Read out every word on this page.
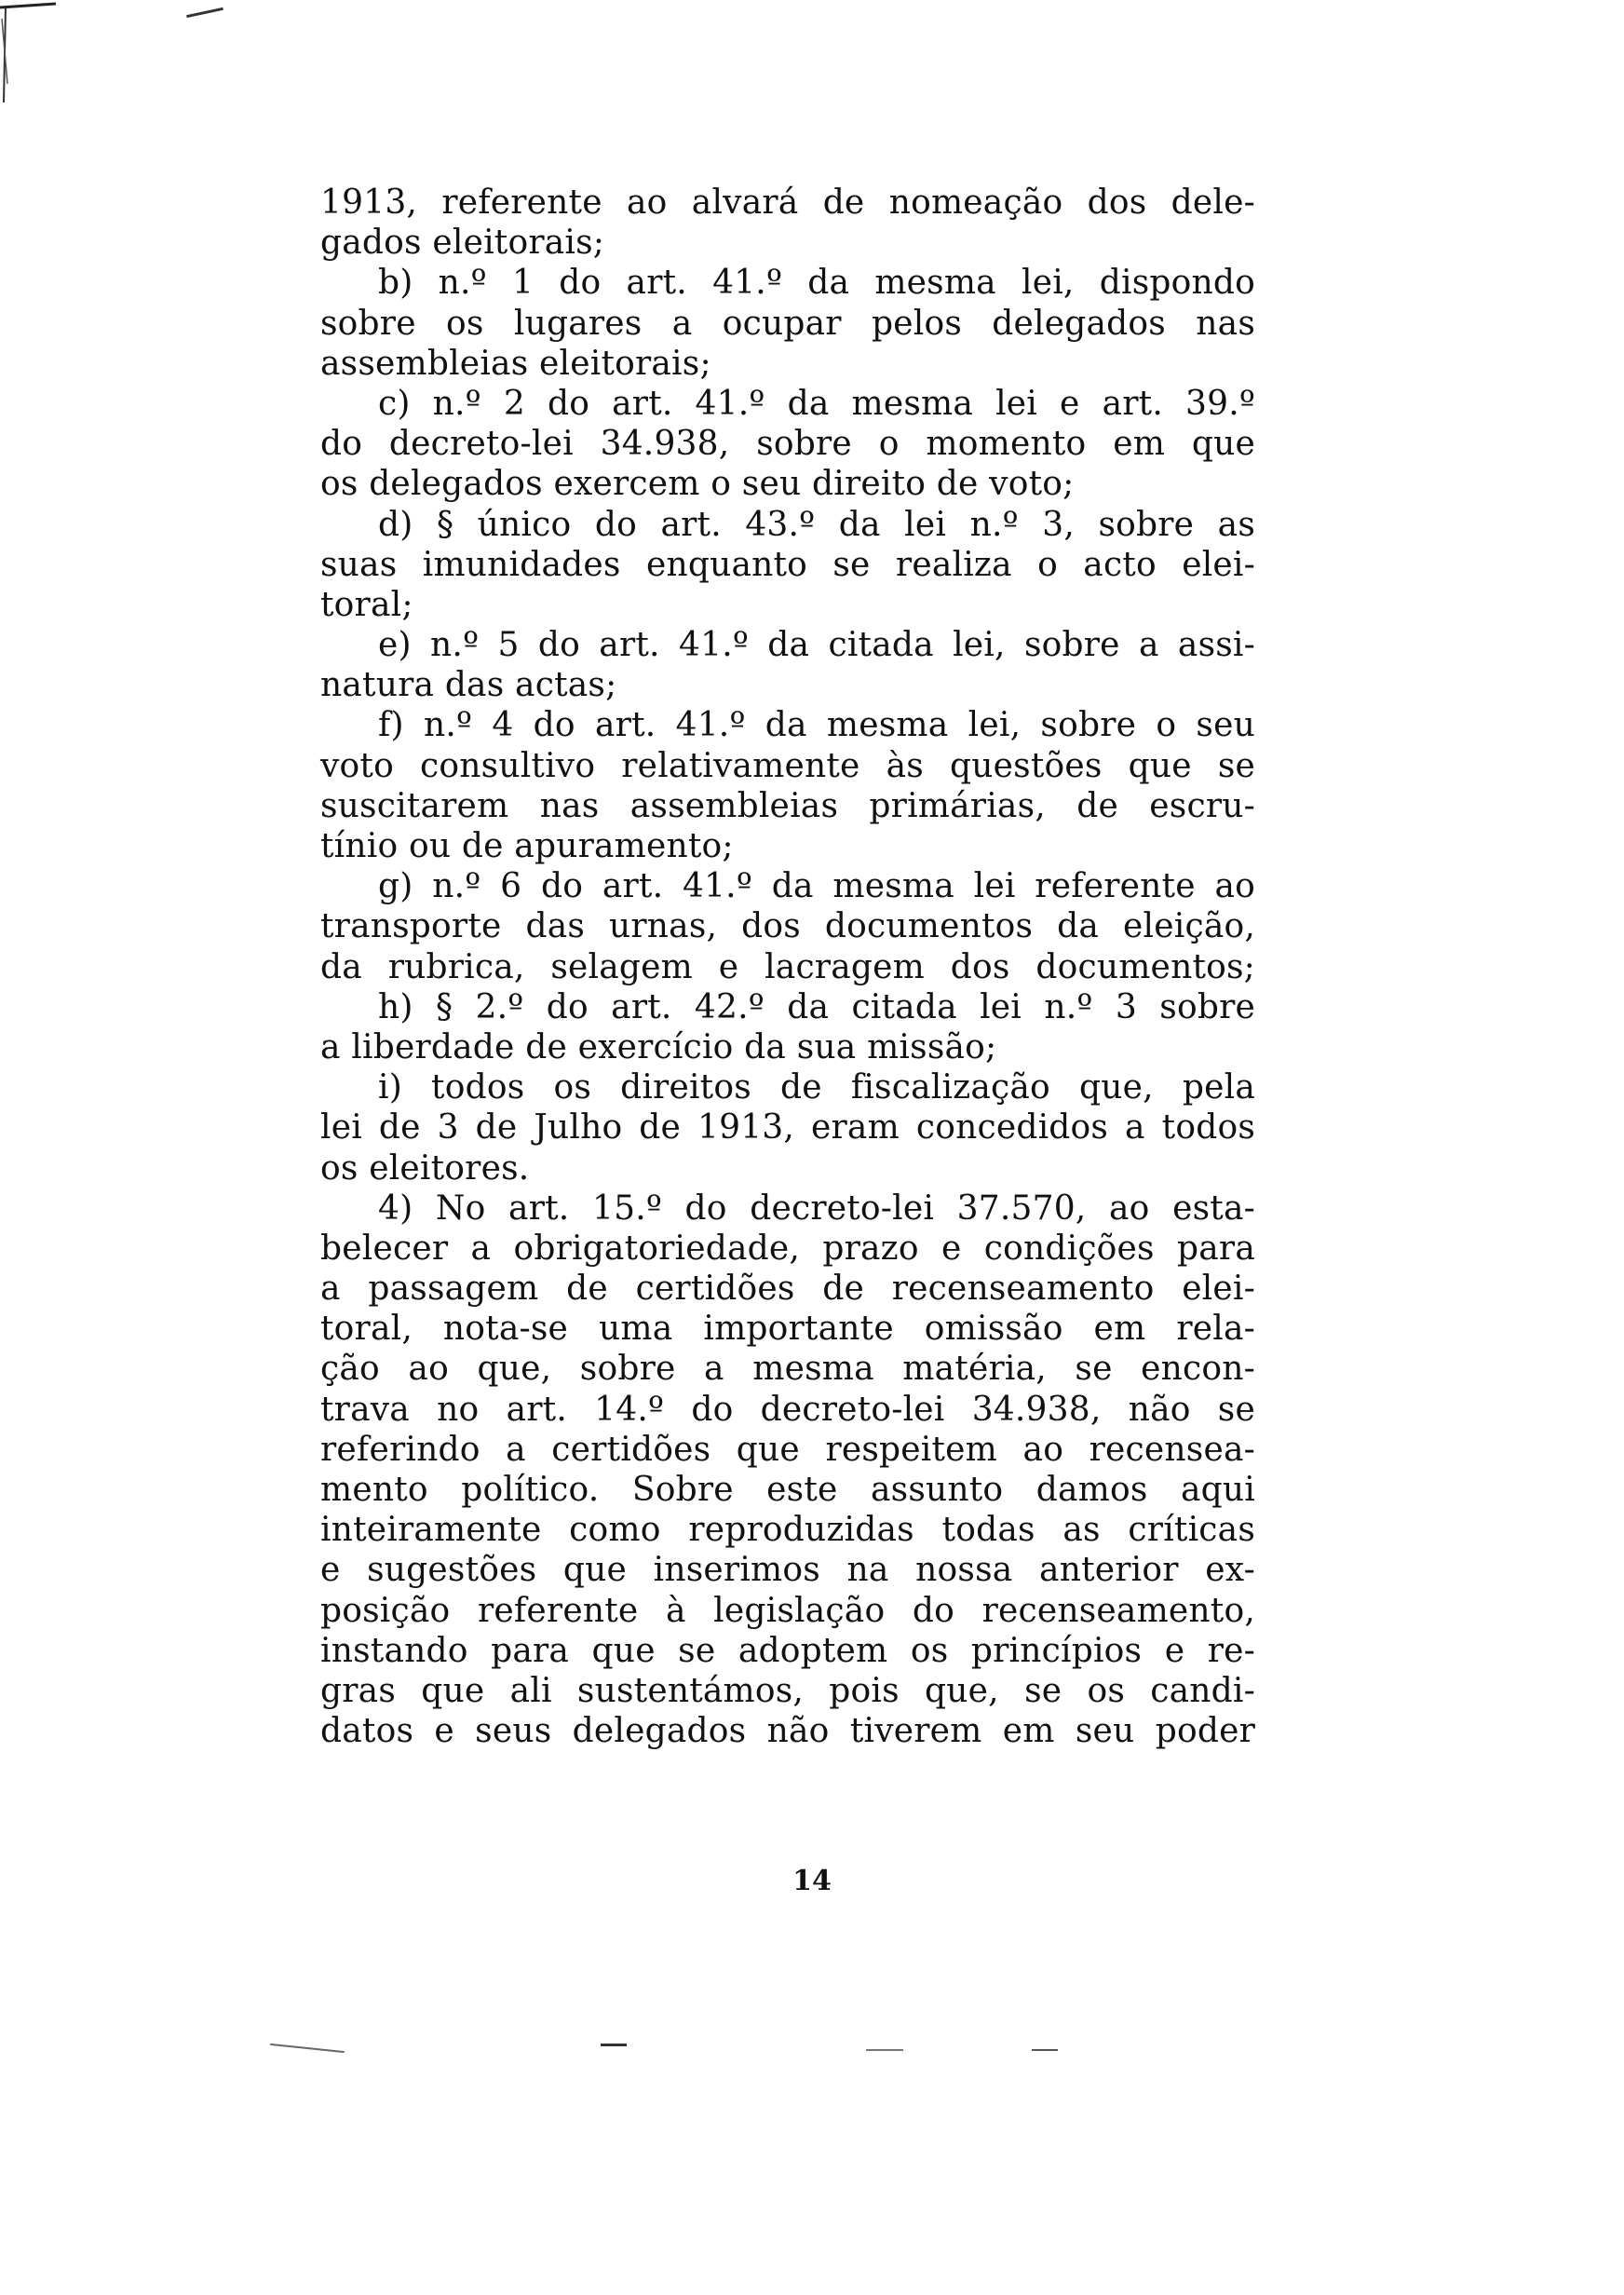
1913, referente ao alvará de nomeação dos dele-
gados eleitorais;
b) n.º 1 do art. 41.º da mesma lei, dispondo
sobre os lugares a ocupar pelos delegados nas
assembleias eleitorais;
c) n.º 2 do art. 41.º da mesma lei e art. 39.º
do decreto-lei 34.938, sobre o momento em que
os delegados exercem o seu direito de voto;
d) § único do art. 43.º da lei n.º 3, sobre as
suas imunidades enquanto se realiza o acto elei-
toral;
e) n.º 5 do art. 41.º da citada lei, sobre a assi-
natura das actas;
f) n.º 4 do art. 41.º da mesma lei, sobre o seu
voto consultivo relativamente às questões que se
suscitarem nas assembleias primárias, de escru-
tínio ou de apuramento;
g) n.º 6 do art. 41.º da mesma lei referente ao
transporte das urnas, dos documentos da eleição,
da rubrica, selagem e lacragem dos documentos;
h) § 2.º do art. 42.º da citada lei n.º 3 sobre
a liberdade de exercício da sua missão;
i) todos os direitos de fiscalização que, pela
lei de 3 de Julho de 1913, eram concedidos a todos
os eleitores.
4) No art. 15.º do decreto-lei 37.570, ao esta-
belecer a obrigatoriedade, prazo e condições para
a passagem de certidões de recenseamento elei-
toral, nota-se uma importante omissão em rela-
ção ao que, sobre a mesma matéria, se encon-
trava no art. 14.º do decreto-lei 34.938, não se
referindo a certidões que respeitem ao recensea-
mento político. Sobre este assunto damos aqui
inteiramente como reproduzidas todas as críticas
e sugestões que inserimos na nossa anterior ex-
posição referente à legislação do recenseamento,
instando para que se adoptem os princípios e re-
gras que ali sustentámos, pois que, se os candi-
datos e seus delegados não tiverem em seu poder
14
